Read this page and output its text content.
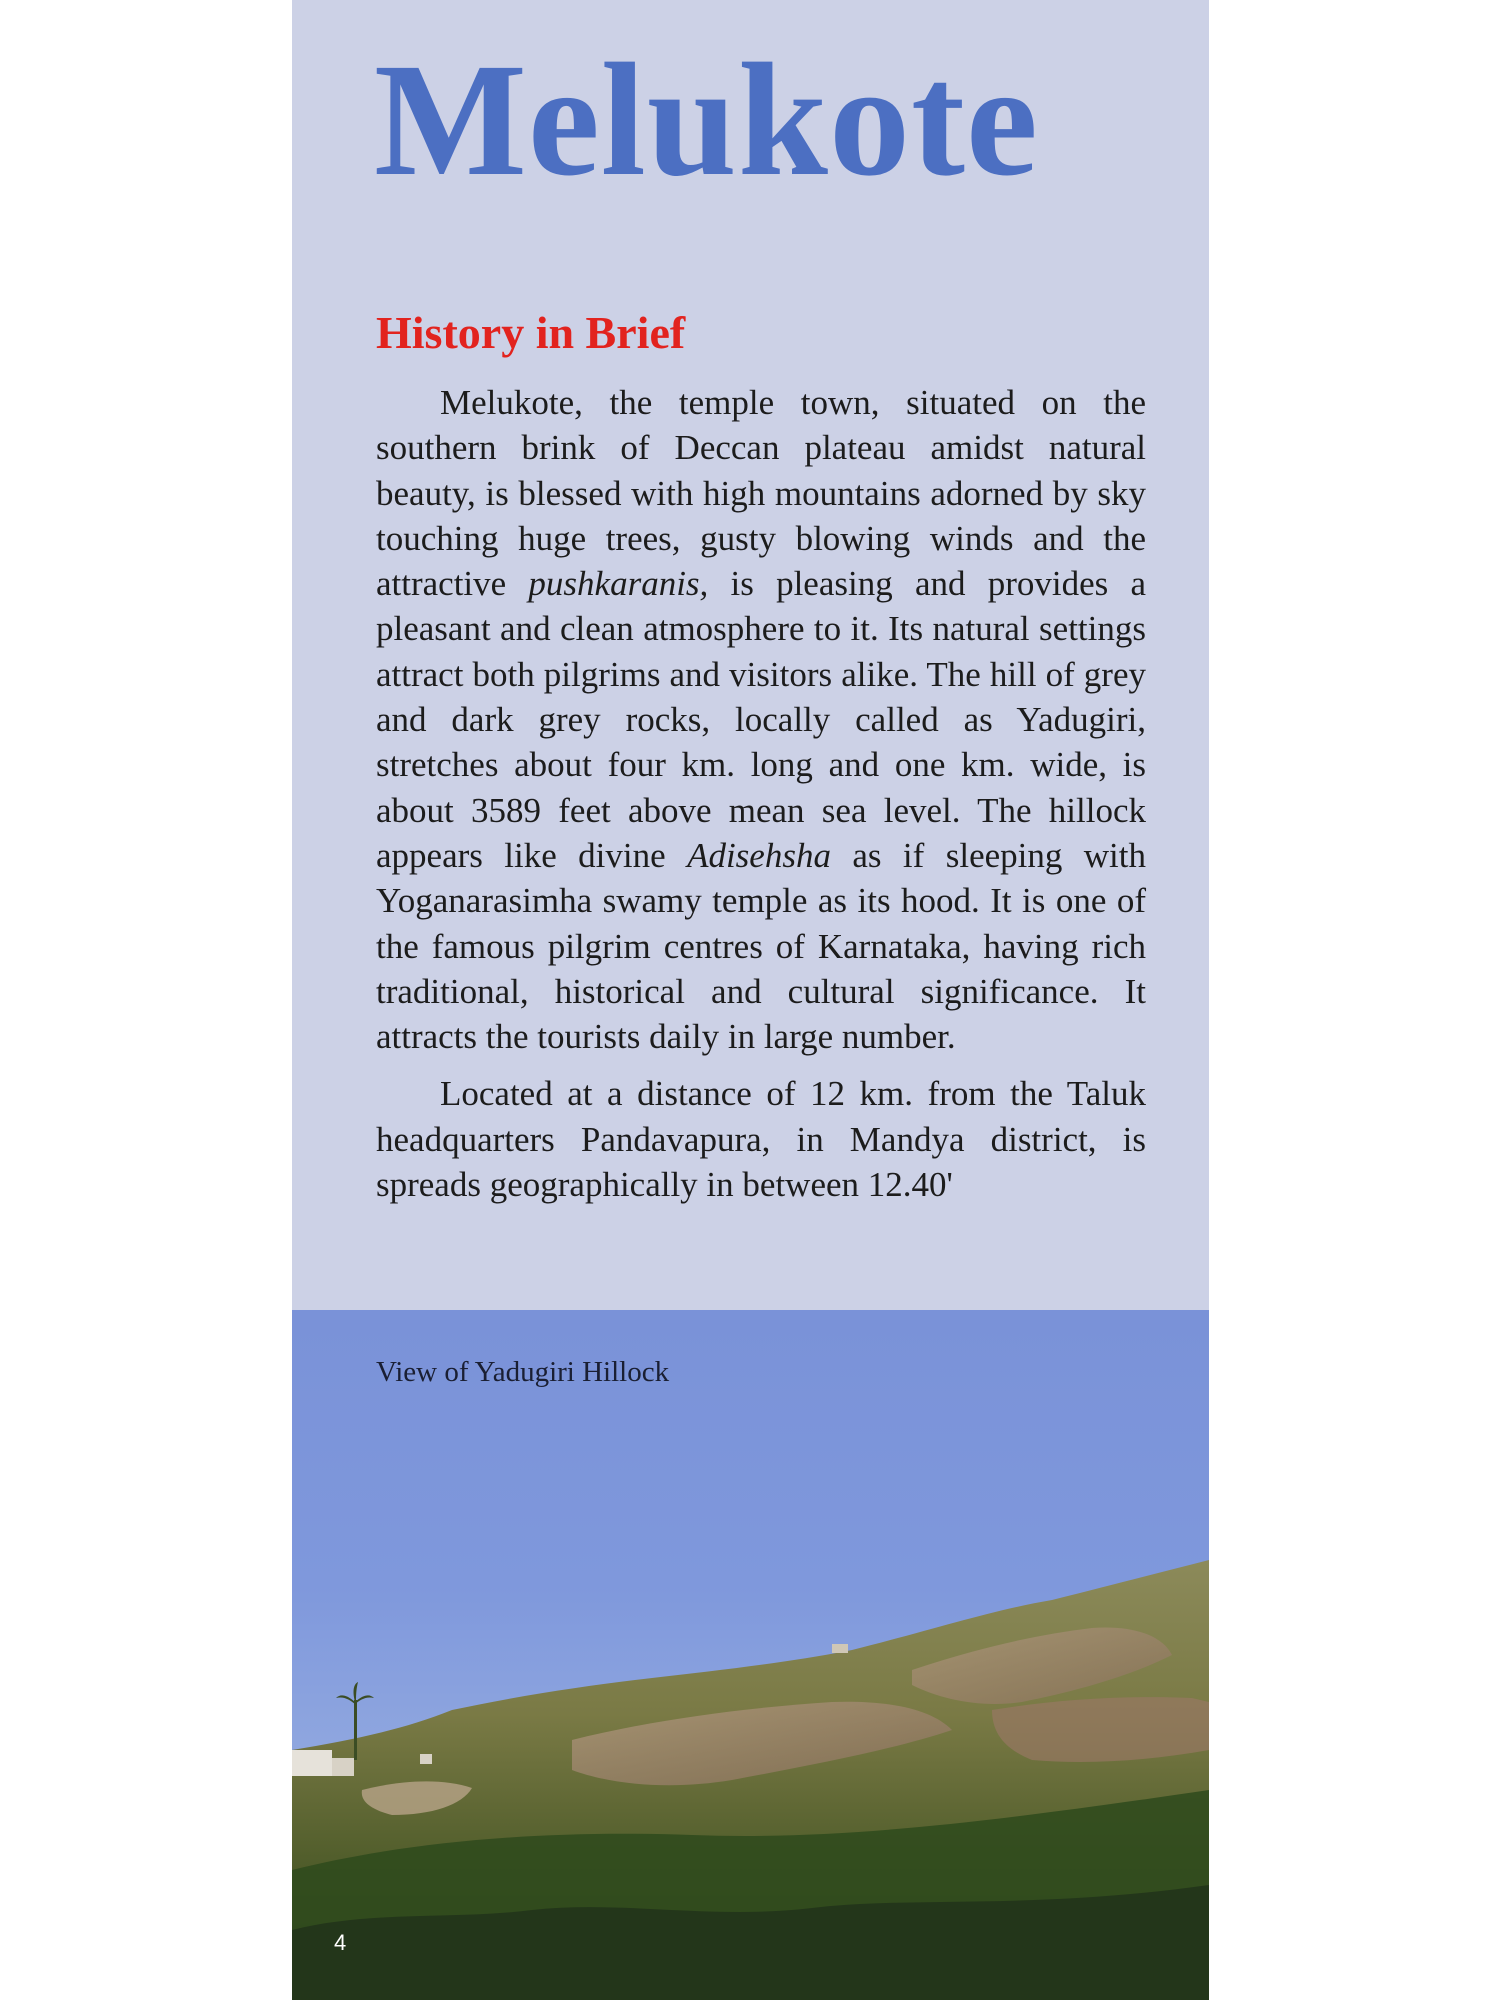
Melukote
History in Brief

Melukote, the temple town, situated on the southern brink of Deccan plateau amidst natural beauty, is blessed with high mountains adorned by sky touching huge trees, gusty blowing winds and the attractive pushkaranis, is pleasing and provides a pleasant and clean atmosphere to it. Its natural settings attract both pilgrims and visitors alike. The hill of grey and dark grey rocks, locally called as Yadugiri, stretches about four km. long and one km. wide, is about 3589 feet above mean sea level. The hillock appears like divine Adisehsha as if sleeping with Yoganarasimha swamy temple as its hood. It is one of the famous pilgrim centres of Karnataka, having rich traditional, historical and cultural significance. It attracts the tourists daily in large number.

Located at a distance of 12 km. from the Taluk headquarters Pandavapura, in Mandya district, is spreads geographically in between 12.40'

View of Yadugiri Hillock
4
